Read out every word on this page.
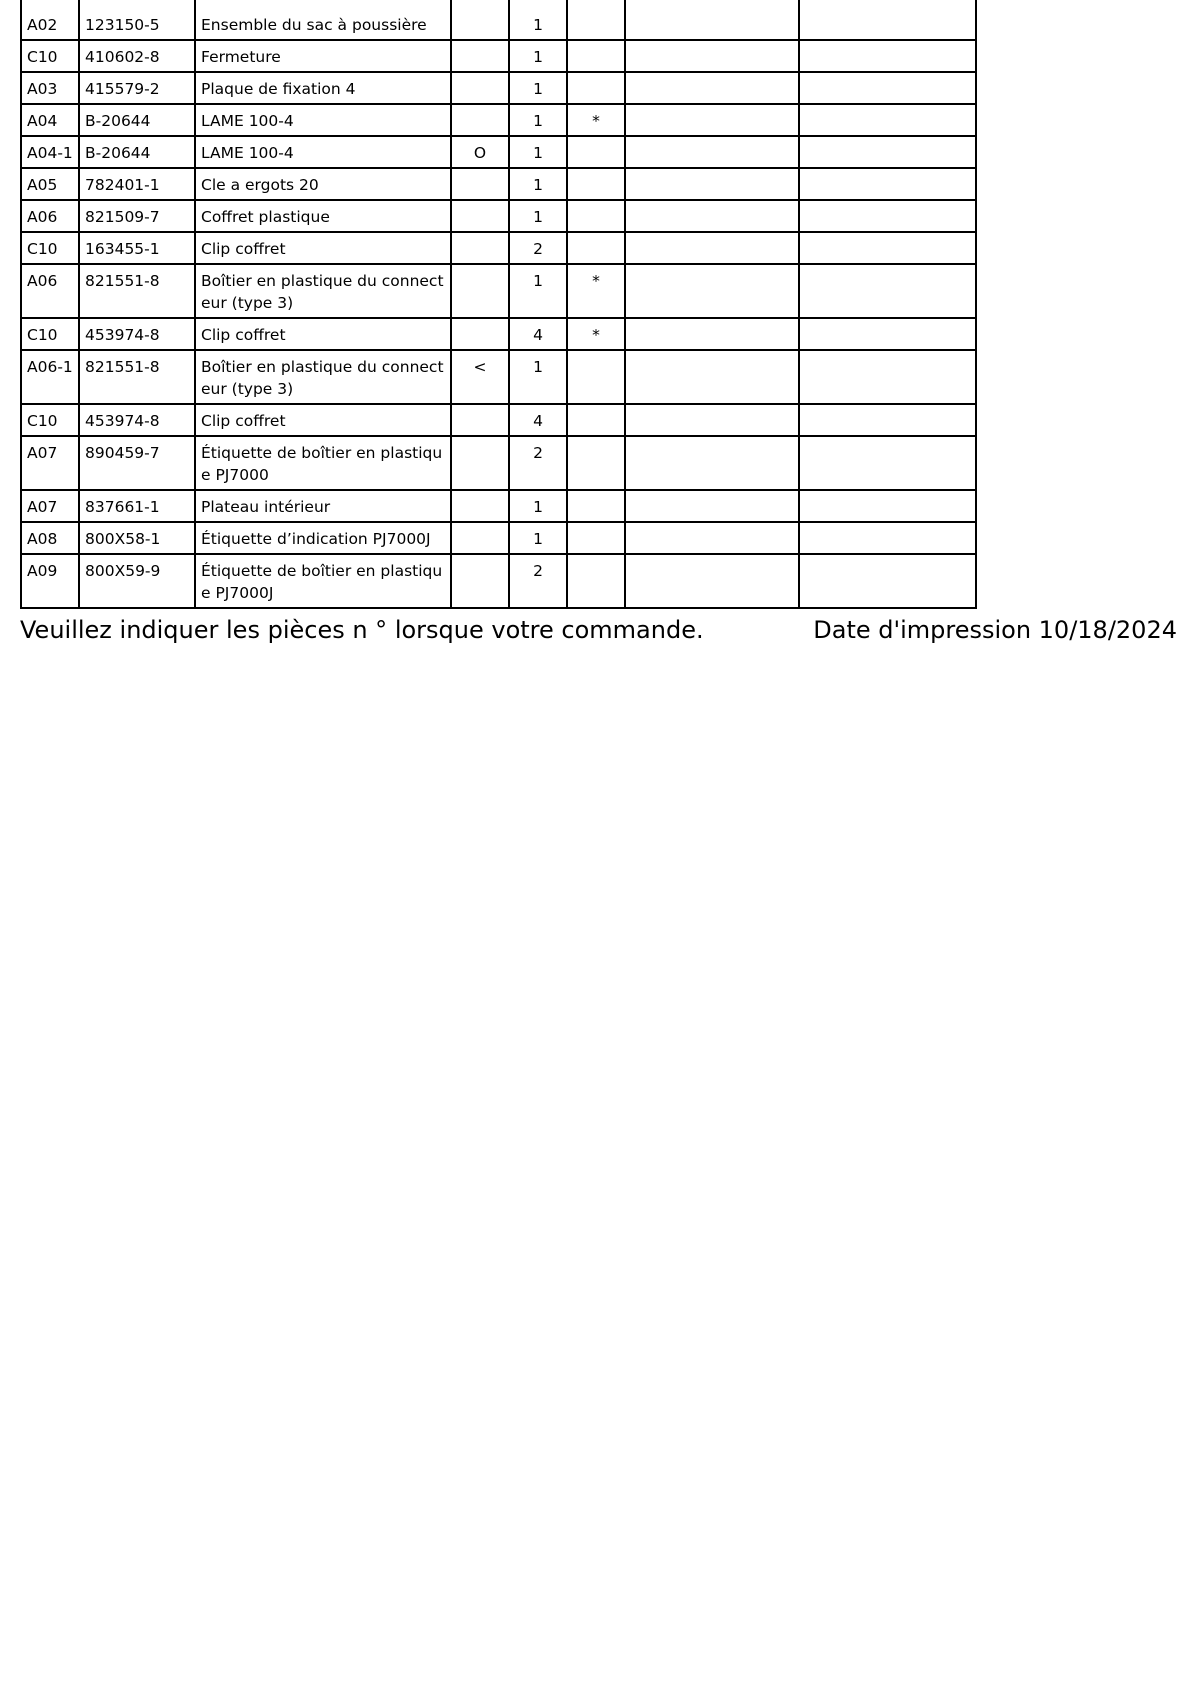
A02	123150-5	Ensemble du sac à poussière		1			
C10	410602-8	Fermeture		1			
A03	415579-2	Plaque de fixation 4		1			
A04	B-20644	LAME 100-4		1	*		
A04-1	B-20644	LAME 100-4	O	1			
A05	782401-1	Cle a ergots 20		1			
A06	821509-7	Coffret plastique		1			
C10	163455-1	Clip coffret		2			
A06	821551-8	Boîtier en plastique du connecteur (type 3)		1	*		
C10	453974-8	Clip coffret		4	*		
A06-1	821551-8	Boîtier en plastique du connecteur (type 3)	<	1			
C10	453974-8	Clip coffret		4			
A07	890459-7	Étiquette de boîtier en plastique PJ7000		2			
A07	837661-1	Plateau intérieur		1			
A08	800X58-1	Étiquette d’indication PJ7000J		1			
A09	800X59-9	Étiquette de boîtier en plastique PJ7000J		2			
Veuillez indiquer les pièces n ° lorsque votre commande.	Date d'impression 10/18/2024
